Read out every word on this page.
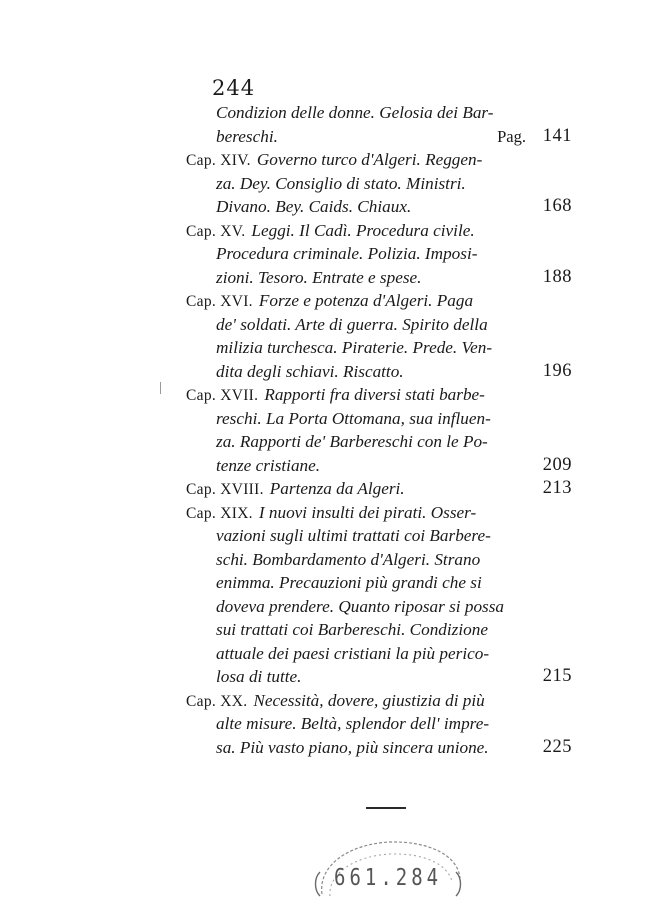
244
Condizion delle donne. Gelosia dei Bar-
bereschi.	Pag. 141
Cap. XIV. Governo turco d'Algeri. Reggen-
za. Dey. Consiglio di stato. Ministri.
Divano. Bey. Caids. Chiaux.	168
Cap. XV. Leggi. Il Cadì. Procedura civile.
Procedura criminale. Polizia. Imposi-
zioni. Tesoro. Entrate e spese.	188
Cap. XVI. Forze e potenza d'Algeri. Paga
de' soldati. Arte di guerra. Spirito della
milizia turchesca. Piraterie. Prede. Ven-
dita degli schiavi. Riscatto.	196
Cap. XVII. Rapporti fra diversi stati barbe-
reschi. La Porta Ottomana, sua influen-
za. Rapporti de' Barbereschi con le Po-
tenze cristiane.	209
Cap. XVIII. Partenza da Algeri.	213
Cap. XIX. I nuovi insulti dei pirati. Osser-
vazioni sugli ultimi trattati coi Barbere-
schi. Bombardamento d'Algeri. Strano
enimma. Precauzioni più grandi che si
doveva prendere. Quanto riposar si possa
sui trattati coi Barbereschi. Condizione
attuale dei paesi cristiani la più perico-
losa di tutte.	215
Cap. XX. Necessità, dovere, giustizia di più
alte misure. Beltà, splendor dell' impre-
sa. Più vasto piano, più sincera unione.	225
661.284
